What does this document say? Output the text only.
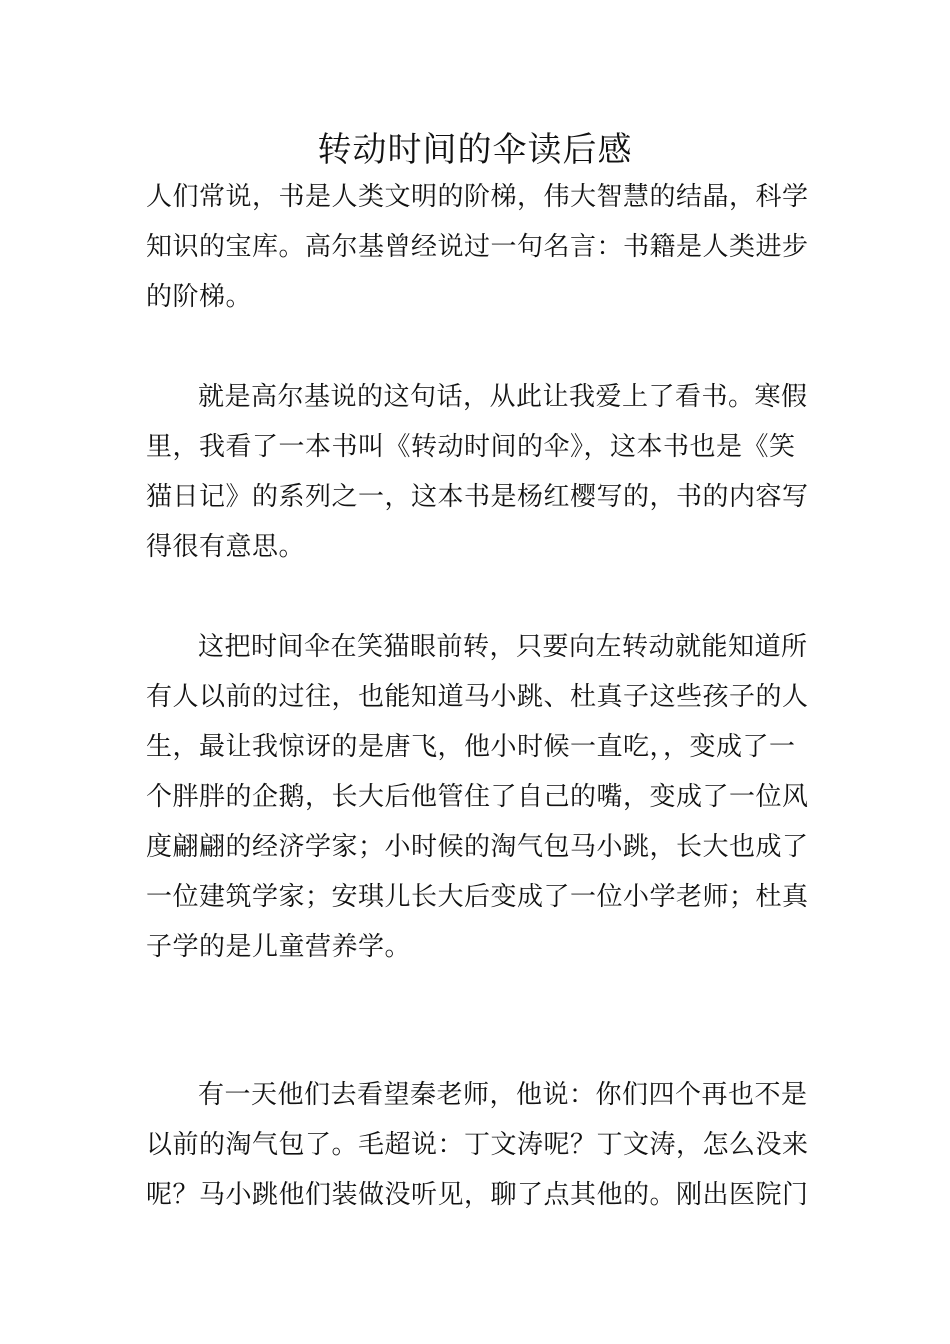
转动时间的伞读后感

人们常说，书是人类文明的阶梯，伟大智慧的结晶，科学
知识的宝库。高尔基曾经说过一句名言：书籍是人类进步
的阶梯。

就是高尔基说的这句话，从此让我爱上了看书。寒假
里，我看了一本书叫《转动时间的伞》，这本书也是《笑
猫日记》的系列之一，这本书是杨红樱写的，书的内容写
得很有意思。

这把时间伞在笑猫眼前转，只要向左转动就能知道所
有人以前的过往，也能知道马小跳、杜真子这些孩子的人
生，最让我惊讶的是唐飞，他小时候一直吃，，变成了一
个胖胖的企鹅，长大后他管住了自己的嘴，变成了一位风
度翩翩的经济学家；小时候的淘气包马小跳，长大也成了
一位建筑学家；安琪儿长大后变成了一位小学老师；杜真
子学的是儿童营养学。

有一天他们去看望秦老师，他说：你们四个再也不是
以前的淘气包了。毛超说：丁文涛呢？丁文涛，怎么没来
呢？马小跳他们装做没听见，聊了点其他的。刚出医院门
